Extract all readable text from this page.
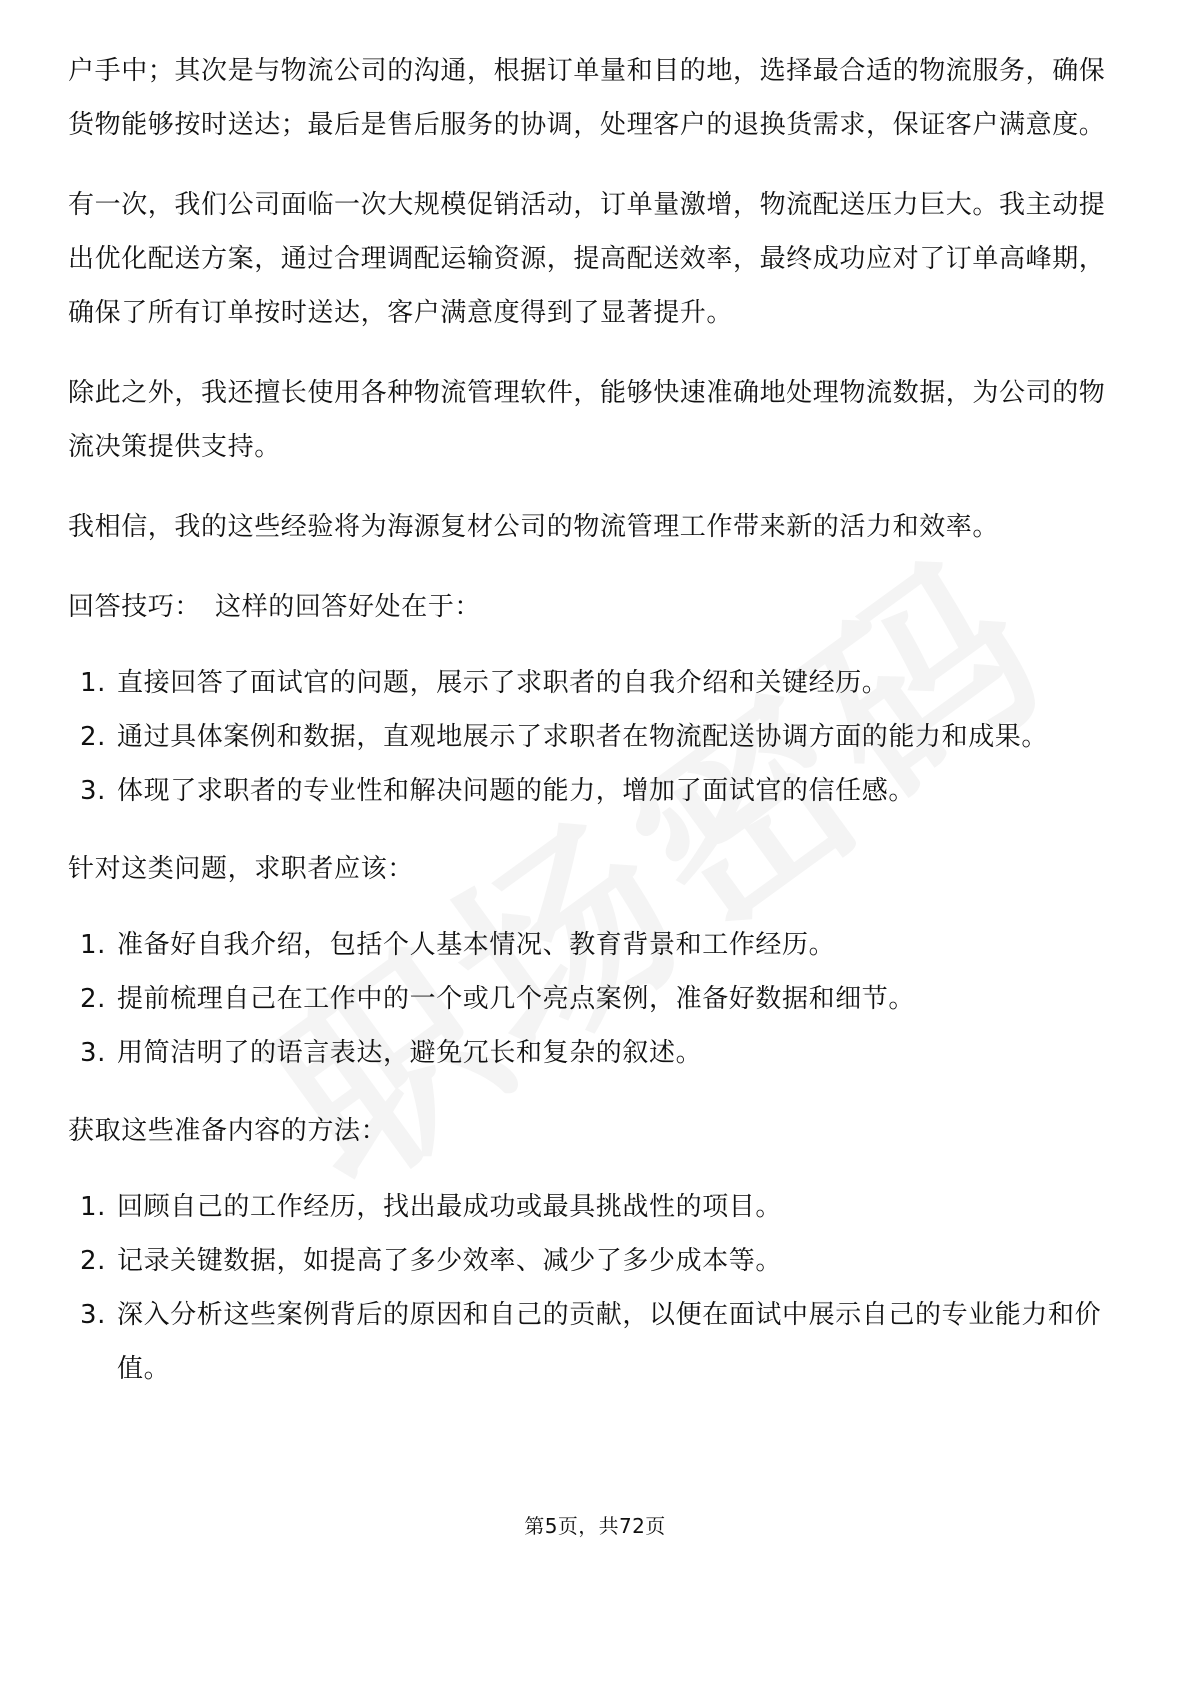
户手中；其次是与物流公司的沟通，根据订单量和目的地，选择最合适的物流服务，确保货物能够按时送达；最后是售后服务的协调，处理客户的退换货需求，保证客户满意度。

有一次，我们公司面临一次大规模促销活动，订单量激增，物流配送压力巨大。我主动提出优化配送方案，通过合理调配运输资源，提高配送效率，最终成功应对了订单高峰期，确保了所有订单按时送达，客户满意度得到了显著提升。

除此之外，我还擅长使用各种物流管理软件，能够快速准确地处理物流数据，为公司的物流决策提供支持。

我相信，我的这些经验将为海源复材公司的物流管理工作带来新的活力和效率。

回答技巧： 这样的回答好处在于：

1. 直接回答了面试官的问题，展示了求职者的自我介绍和关键经历。
2. 通过具体案例和数据，直观地展示了求职者在物流配送协调方面的能力和成果。
3. 体现了求职者的专业性和解决问题的能力，增加了面试官的信任感。

针对这类问题，求职者应该：

1. 准备好自我介绍，包括个人基本情况、教育背景和工作经历。
2. 提前梳理自己在工作中的一个或几个亮点案例，准备好数据和细节。
3. 用简洁明了的语言表达，避免冗长和复杂的叙述。

获取这些准备内容的方法：

1. 回顾自己的工作经历，找出最成功或最具挑战性的项目。
2. 记录关键数据，如提高了多少效率、减少了多少成本等。
3. 深入分析这些案例背后的原因和自己的贡献，以便在面试中展示自己的专业能力和价值。
第5页，共72页
